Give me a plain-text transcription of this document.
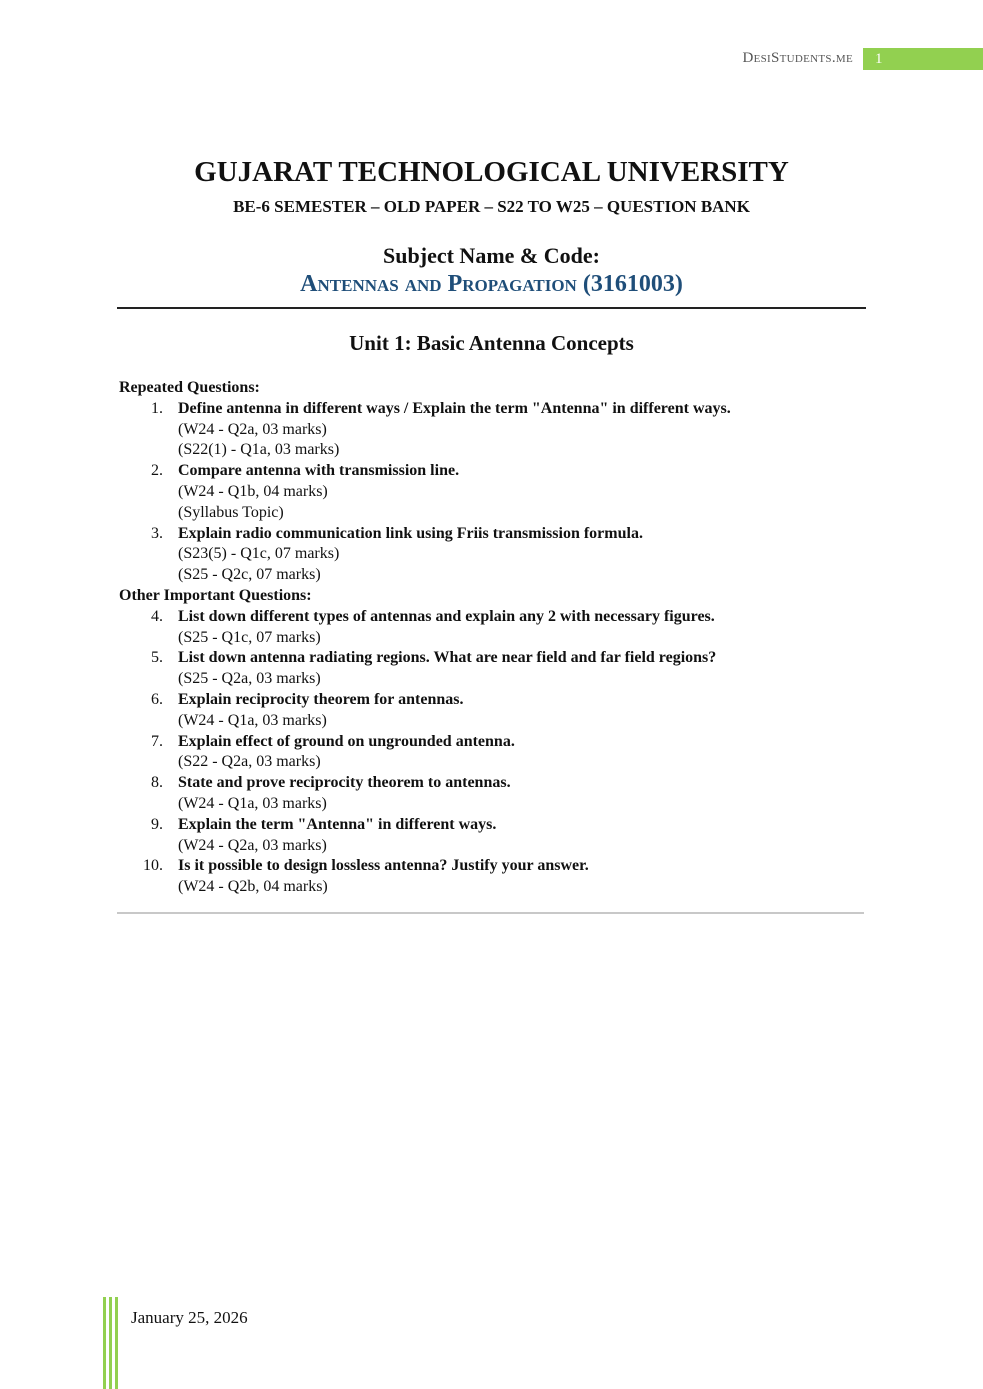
DesiStudents.me	1
GUJARAT TECHNOLOGICAL UNIVERSITY
BE-6 SEMESTER – OLD PAPER – S22 TO W25 – QUESTION BANK
Subject Name & Code:
Antennas and Propagation (3161003)
Unit 1: Basic Antenna Concepts
Repeated Questions:
1. Define antenna in different ways / Explain the term "Antenna" in different ways.
(W24 - Q2a, 03 marks)
(S22(1) - Q1a, 03 marks)
2. Compare antenna with transmission line.
(W24 - Q1b, 04 marks)
(Syllabus Topic)
3. Explain radio communication link using Friis transmission formula.
(S23(5) - Q1c, 07 marks)
(S25 - Q2c, 07 marks)
Other Important Questions:
4. List down different types of antennas and explain any 2 with necessary figures.
(S25 - Q1c, 07 marks)
5. List down antenna radiating regions. What are near field and far field regions?
(S25 - Q2a, 03 marks)
6. Explain reciprocity theorem for antennas.
(W24 - Q1a, 03 marks)
7. Explain effect of ground on ungrounded antenna.
(S22 - Q2a, 03 marks)
8. State and prove reciprocity theorem to antennas.
(W24 - Q1a, 03 marks)
9. Explain the term "Antenna" in different ways.
(W24 - Q2a, 03 marks)
10. Is it possible to design lossless antenna? Justify your answer.
(W24 - Q2b, 04 marks)
January 25, 2026
